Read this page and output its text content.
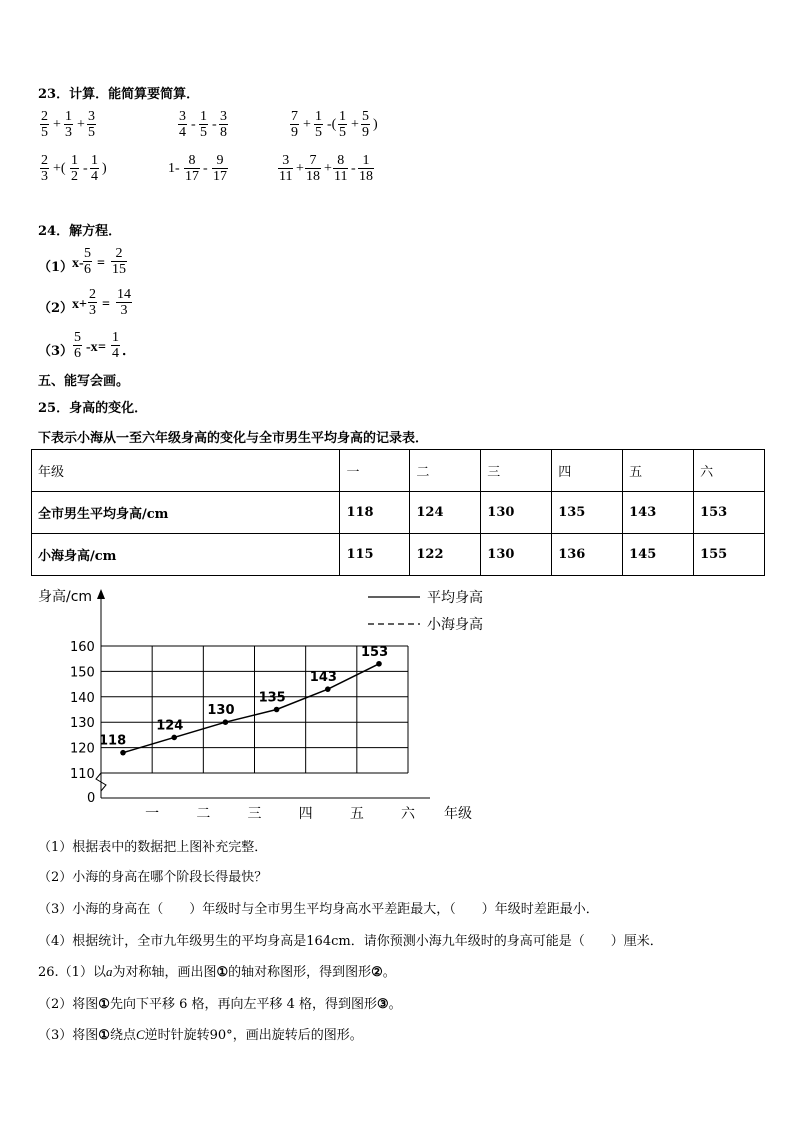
23．计算．能简算要简算．
2
5
+
1
3
+
3
5
3
4
-
1
5
-
3
8
7
9
+
1
5
-(
1
5
+
5
9
)
2
3
+(
1
2
-
1
4
)	1-
8
17
-
9
17
3
11
+
7
18
+
8
11
-
1
18
24．解方程．
（1）
x-
5
6 =
2
15
（2）
x+
2
3 =
14
3
（3）
5
6 -x =
1
4 ．
五、能写会画。
25．身高的变化．
下表示小海从一至六年级身高的变化与全市男生平均身高的记录表．
年级	一	二	三	四	五	六
全市男生平均身高/cm	118	124	130	135	143	153
小海身高/cm	115	122	130	136	145	155
身高/cm
0
110
120
130
140
150
160
一	二	三	四	五	六 年级
118
124
130
135
143
153
平均身高
小海身高
（1）根据表中的数据把上图补充完整．
（2）小海的身高在哪个阶段长得最快？
（3）小海的身高在（　　）年级时与全市男生平均身高水平差距最大，（　　）年级时差距最小．
（4）根据统计，全市九年级男生的平均身高是164cm．请你预测小海九年级时的身高可能是（　　）厘米．
26.（1）以a为对称轴，画出图①的轴对称图形，得到图形②。
（2）将图①先向下平移 6 格，再向左平移 4 格，得到图形③。
（3）将图①绕点C逆时针旋转90°，画出旋转后的图形。
